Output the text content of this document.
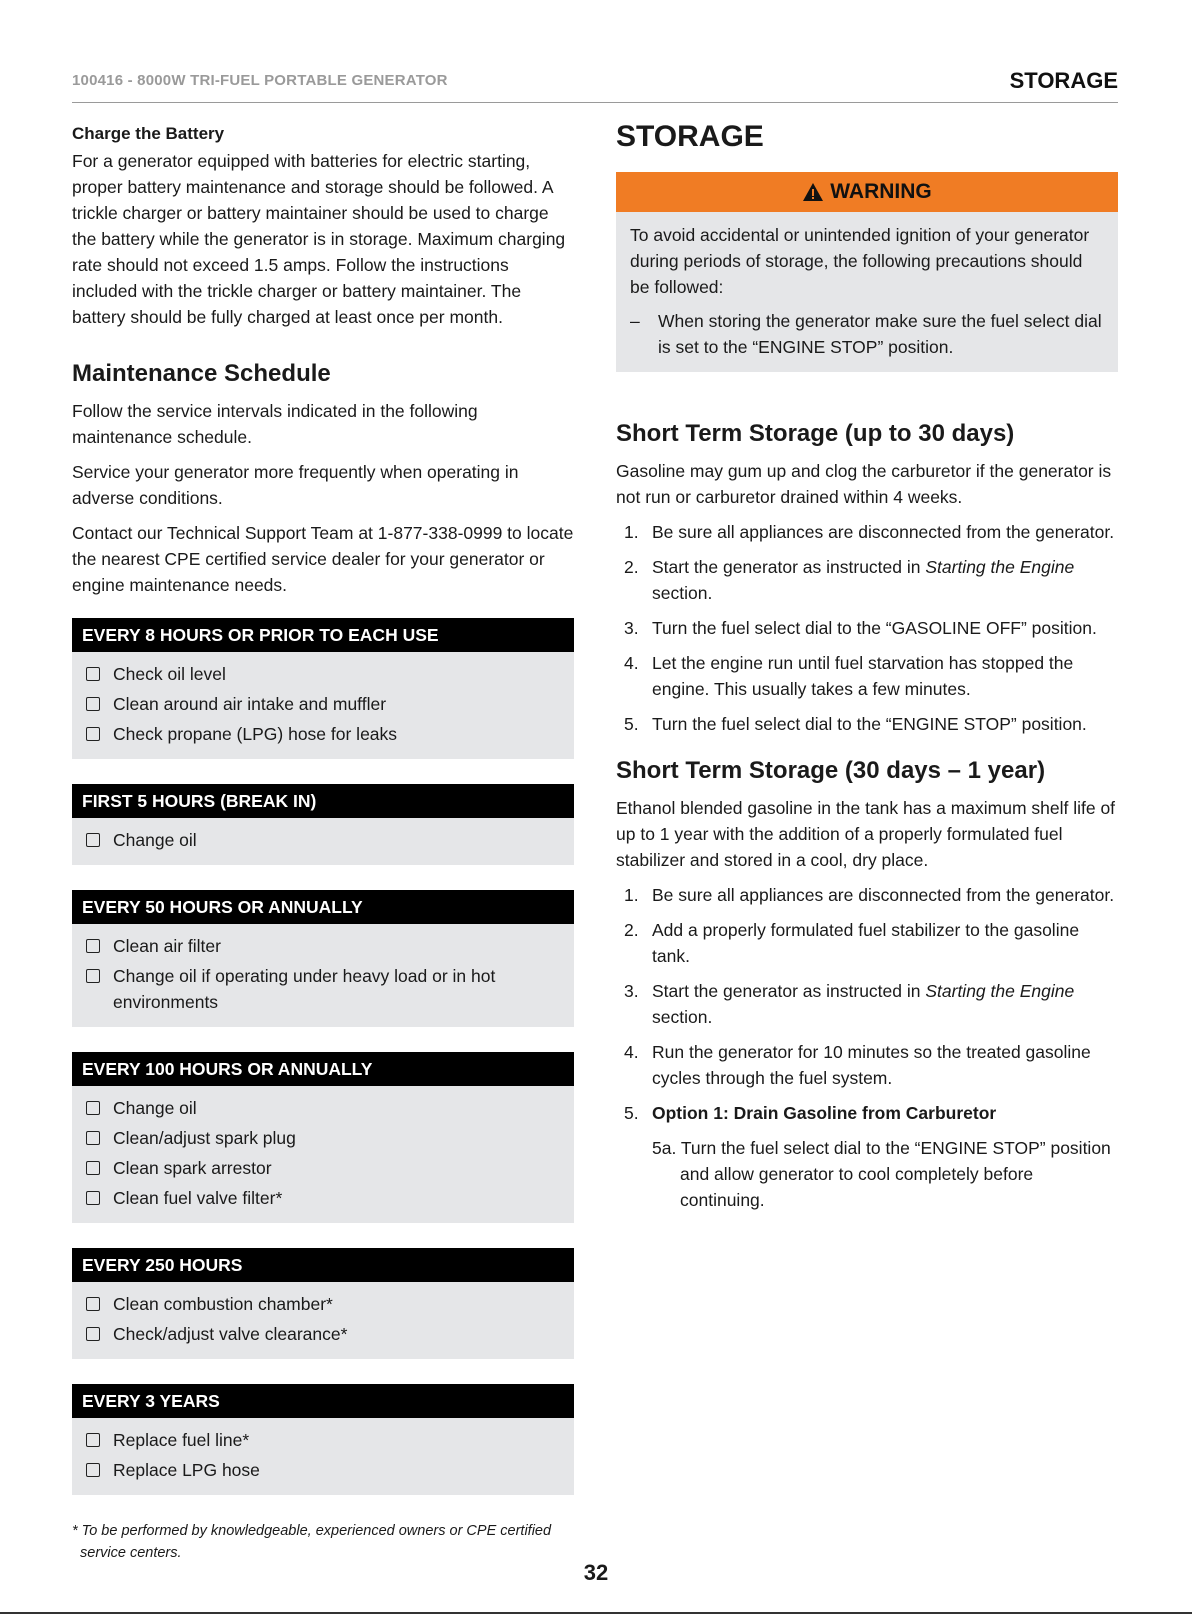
100416 - 8000W TRI-FUEL PORTABLE GENERATOR	STORAGE
Charge the Battery

For a generator equipped with batteries for electric starting, proper battery maintenance and storage should be followed. A trickle charger or battery maintainer should be used to charge the battery while the generator is in storage. Maximum charging rate should not exceed 1.5 amps. Follow the instructions included with the trickle charger or battery maintainer. The battery should be fully charged at least once per month.

Maintenance Schedule

Follow the service intervals indicated in the following maintenance schedule.

Service your generator more frequently when operating in adverse conditions.

Contact our Technical Support Team at 1-877-338-0999 to locate the nearest CPE certified service dealer for your generator or engine maintenance needs.

EVERY 8 HOURS OR PRIOR TO EACH USE
Check oil level
Clean around air intake and muffler
Check propane (LPG) hose for leaks
FIRST 5 HOURS (BREAK IN)
Change oil
EVERY 50 HOURS OR ANNUALLY
Clean air filter
Change oil if operating under heavy load or in hot environments
EVERY 100 HOURS OR ANNUALLY
Change oil
Clean/adjust spark plug
Clean spark arrestor
Clean fuel valve filter*
EVERY 250 HOURS
Clean combustion chamber*
Check/adjust valve clearance*
EVERY 3 YEARS
Replace fuel line*
Replace LPG hose
* To be performed by knowledgeable, experienced owners or CPE certified service centers.
STORAGE
WARNING

To avoid accidental or unintended ignition of your generator during periods of storage, the following precautions should be followed:

–	When storing the generator make sure the fuel select dial is set to the “ENGINE STOP” position.
Short Term Storage (up to 30 days)

Gasoline may gum up and clog the carburetor if the generator is not run or carburetor drained within 4 weeks.

1. Be sure all appliances are disconnected from the generator.
2. Start the generator as instructed in Starting the Engine section.
3. Turn the fuel select dial to the “GASOLINE OFF” position.
4. Let the engine run until fuel starvation has stopped the engine. This usually takes a few minutes.
5. Turn the fuel select dial to the “ENGINE STOP” position.
Short Term Storage (30 days – 1 year)

Ethanol blended gasoline in the tank has a maximum shelf life of up to 1 year with the addition of a properly formulated fuel stabilizer and stored in a cool, dry place.

1. Be sure all appliances are disconnected from the generator.
2. Add a properly formulated fuel stabilizer to the gasoline tank.
3. Start the generator as instructed in Starting the Engine section.
4. Run the generator for 10 minutes so the treated gasoline cycles through the fuel system.
5. Option 1: Drain Gasoline from Carburetor
5a. Turn the fuel select dial to the “ENGINE STOP” position and allow generator to cool completely before continuing.
32
